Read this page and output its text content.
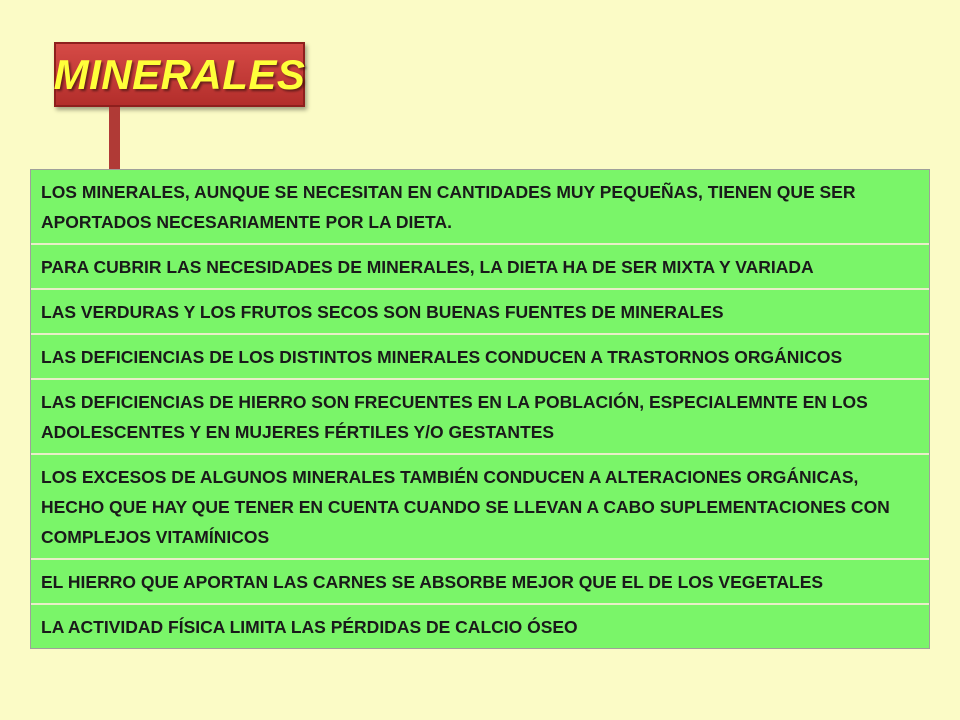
MINERALES
LOS MINERALES, AUNQUE SE NECESITAN EN CANTIDADES MUY PEQUEÑAS, TIENEN QUE SER APORTADOS NECESARIAMENTE POR LA DIETA.
PARA CUBRIR LAS NECESIDADES DE MINERALES, LA DIETA HA DE SER MIXTA Y VARIADA
LAS VERDURAS Y LOS FRUTOS SECOS SON BUENAS FUENTES DE MINERALES
LAS DEFICIENCIAS DE LOS DISTINTOS MINERALES CONDUCEN A TRASTORNOS ORGÁNICOS
LAS DEFICIENCIAS DE HIERRO SON FRECUENTES EN LA POBLACIÓN, ESPECIALEMNTE EN LOS ADOLESCENTES Y EN MUJERES FÉRTILES Y/O GESTANTES
LOS EXCESOS DE ALGUNOS MINERALES TAMBIÉN CONDUCEN A ALTERACIONES ORGÁNICAS, HECHO QUE HAY QUE TENER EN CUENTA CUANDO SE LLEVAN A CABO SUPLEMENTACIONES CON COMPLEJOS VITAMÍNICOS
EL HIERRO QUE APORTAN LAS CARNES SE ABSORBE MEJOR QUE EL DE LOS VEGETALES
LA ACTIVIDAD FÍSICA LIMITA LAS PÉRDIDAS DE CALCIO ÓSEO
